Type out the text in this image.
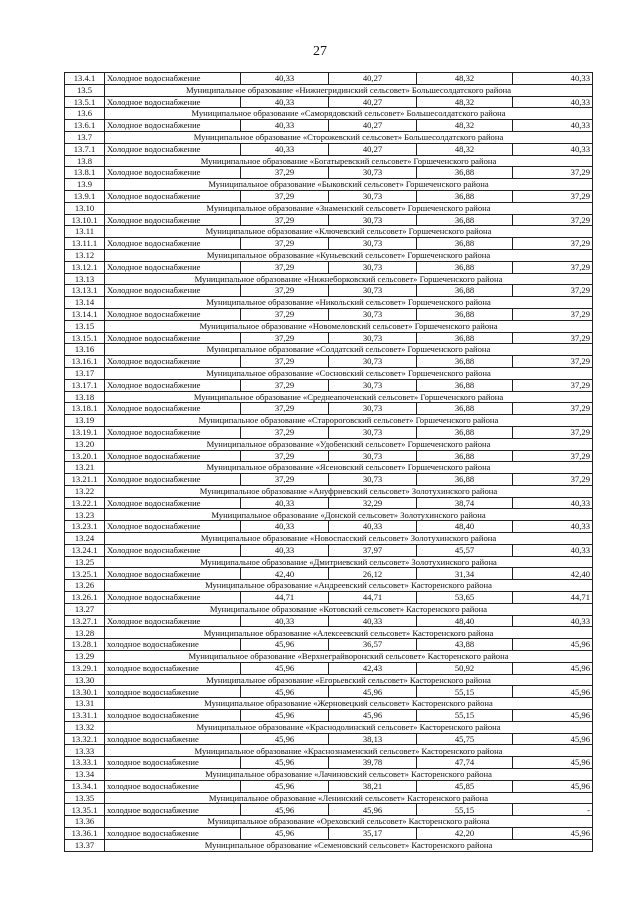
27
13.4.1	Холодное водоснабжение	40,33	40,27	48,32	40,33
13.5	Муниципальное образование «Нижнегридинский сельсовет» Большесолдатского района				
13.5.1	Холодное водоснабжение	40,33	40,27	48,32	40,33
13.6	Муниципальное образование «Саморядовский сельсовет» Большесолдатского района				
13.6.1	Холодное водоснабжение	40,33	40,27	48,32	40,33
13.7	Муниципальное образование «Сторожевский сельсовет» Большесолдатского района				
13.7.1	Холодное водоснабжение	40,33	40,27	48,32	40,33
13.8	Муниципальное образование «Богатыревский сельсовет» Горшеченского района				
13.8.1	Холодное водоснабжение	37,29	30,73	36,88	37,29
13.9	Муниципальное образование «Быковский сельсовет» Горшеченского района				
13.9.1	Холодное водоснабжение	37,29	30,73	36,88	37,29
13.10	Муниципальное образование «Знаменский сельсовет» Горшеченского района				
13.10.1	Холодное водоснабжение	37,29	30,73	36,88	37,29
13.11	Муниципальное образование «Ключевский сельсовет» Горшеченского района				
13.11.1	Холодное водоснабжение	37,29	30,73	36,88	37,29
13.12	Муниципальное образование «Куньевский сельсовет» Горшеченского района				
13.12.1	Холодное водоснабжение	37,29	30,73	36,88	37,29
13.13	Муниципальное образование «Нижнеборковский сельсовет» Горшеченского района				
13.13.1	Холодное водоснабжение	37,29	30,73	36,88	37,29
13.14	Муниципальное образование «Никольский сельсовет» Горшеченского района				
13.14.1	Холодное водоснабжение	37,29	30,73	36,88	37,29
13.15	Муниципальное образование «Новомеловский сельсовет» Горшеченского района				
13.15.1	Холодное водоснабжение	37,29	30,73	36,88	37,29
13.16	Муниципальное образование «Солдатский сельсовет» Горшеченского района				
13.16.1	Холодное водоснабжение	37,29	30,73	36,88	37,29
13.17	Муниципальное образование «Сосновский сельсовет» Горшеченского района				
13.17.1	Холодное водоснабжение	37,29	30,73	36,88	37,29
13.18	Муниципальное образование «Среднеапоченский сельсовет» Горшеченского района				
13.18.1	Холодное водоснабжение	37,29	30,73	36,88	37,29
13.19	Муниципальное образование «Старороговский сельсовет» Горшеченского района				
13.19.1	Холодное водоснабжение	37,29	30,73	36,88	37,29
13.20	Муниципальное образование «Удобенский сельсовет» Горшеченского района				
13.20.1	Холодное водоснабжение	37,29	30,73	36,88	37,29
13.21	Муниципальное образование «Ясеновский сельсовет» Горшеченского района				
13.21.1	Холодное водоснабжение	37,29	30,73	36,88	37,29
13.22	Муниципальное образование «Ануфриевский сельсовет» Золотухинского района				
13.22.1	Холодное водоснабжение	40,33	32,29	38,74	40,33
13.23	Муниципальное образование «Донской сельсовет» Золотухинского района				
13.23.1	Холодное водоснабжение	40,33	40,33	48,40	40,33
13.24	Муниципальное образование «Новоспасский сельсовет» Золотухинского района				
13.24.1	Холодное водоснабжение	40,33	37,97	45,57	40,33
13.25	Муниципальное образование «Дмитриевский сельсовет» Золотухинского района				
13.25.1	Холодное водоснабжение	42,40	26,12	31,34	42,40
13.26	Муниципальное образование «Андреевский сельсовет» Касторенского района				
13.26.1	Холодное водоснабжение	44,71	44,71	53,65	44,71
13.27	Муниципальное образование «Котовский сельсовет» Касторенского района				
13.27.1	Холодное водоснабжение	40,33	40,33	48,40	40,33
13.28	Муниципальное образование «Алексеевский сельсовет» Касторенского района				
13.28.1	холодное водоснабжение	45,96	36,57	43,88	45,96
13.29	Муниципальное образование «Верхнеграйворонский сельсовет» Касторенского района				
13.29.1	холодное водоснабжение	45,96	42,43	50,92	45,96
13.30	Муниципальное образование «Егорьевский сельсовет» Касторенского района				
13.30.1	холодное водоснабжение	45,96	45,96	55,15	45,96
13.31	Муниципальное образование «Жерновецкий сельсовет» Касторенского района				
13.31.1	холодное водоснабжение	45,96	45,96	55,15	45,96
13.32	Муниципальное образование «Краснодолинский сельсовет» Касторенского района				
13.32.1	холодное водоснабжение	45,96	38,13	45,75	45,96
13.33	Муниципальное образование «Краснознаменский сельсовет» Касторенского района				
13.33.1	холодное водоснабжение	45,96	39,78	47,74	45,96
13.34	Муниципальное образование «Лачиновский сельсовет» Касторенского района				
13.34.1	холодное водоснабжение	45,96	38,21	45,85	45,96
13.35	Муниципальное образование «Ленинский сельсовет» Касторенского района				
13.35.1	холодное водоснабжение	45,96	45,96	55,15	-
13.36	Муниципальное образование «Ореховский сельсовет» Касторенского района				
13.36.1	холодное водоснабжение	45,96	35,17	42,20	45,96
13.37	Муниципальное образование «Семеновский сельсовет» Касторенского района				
